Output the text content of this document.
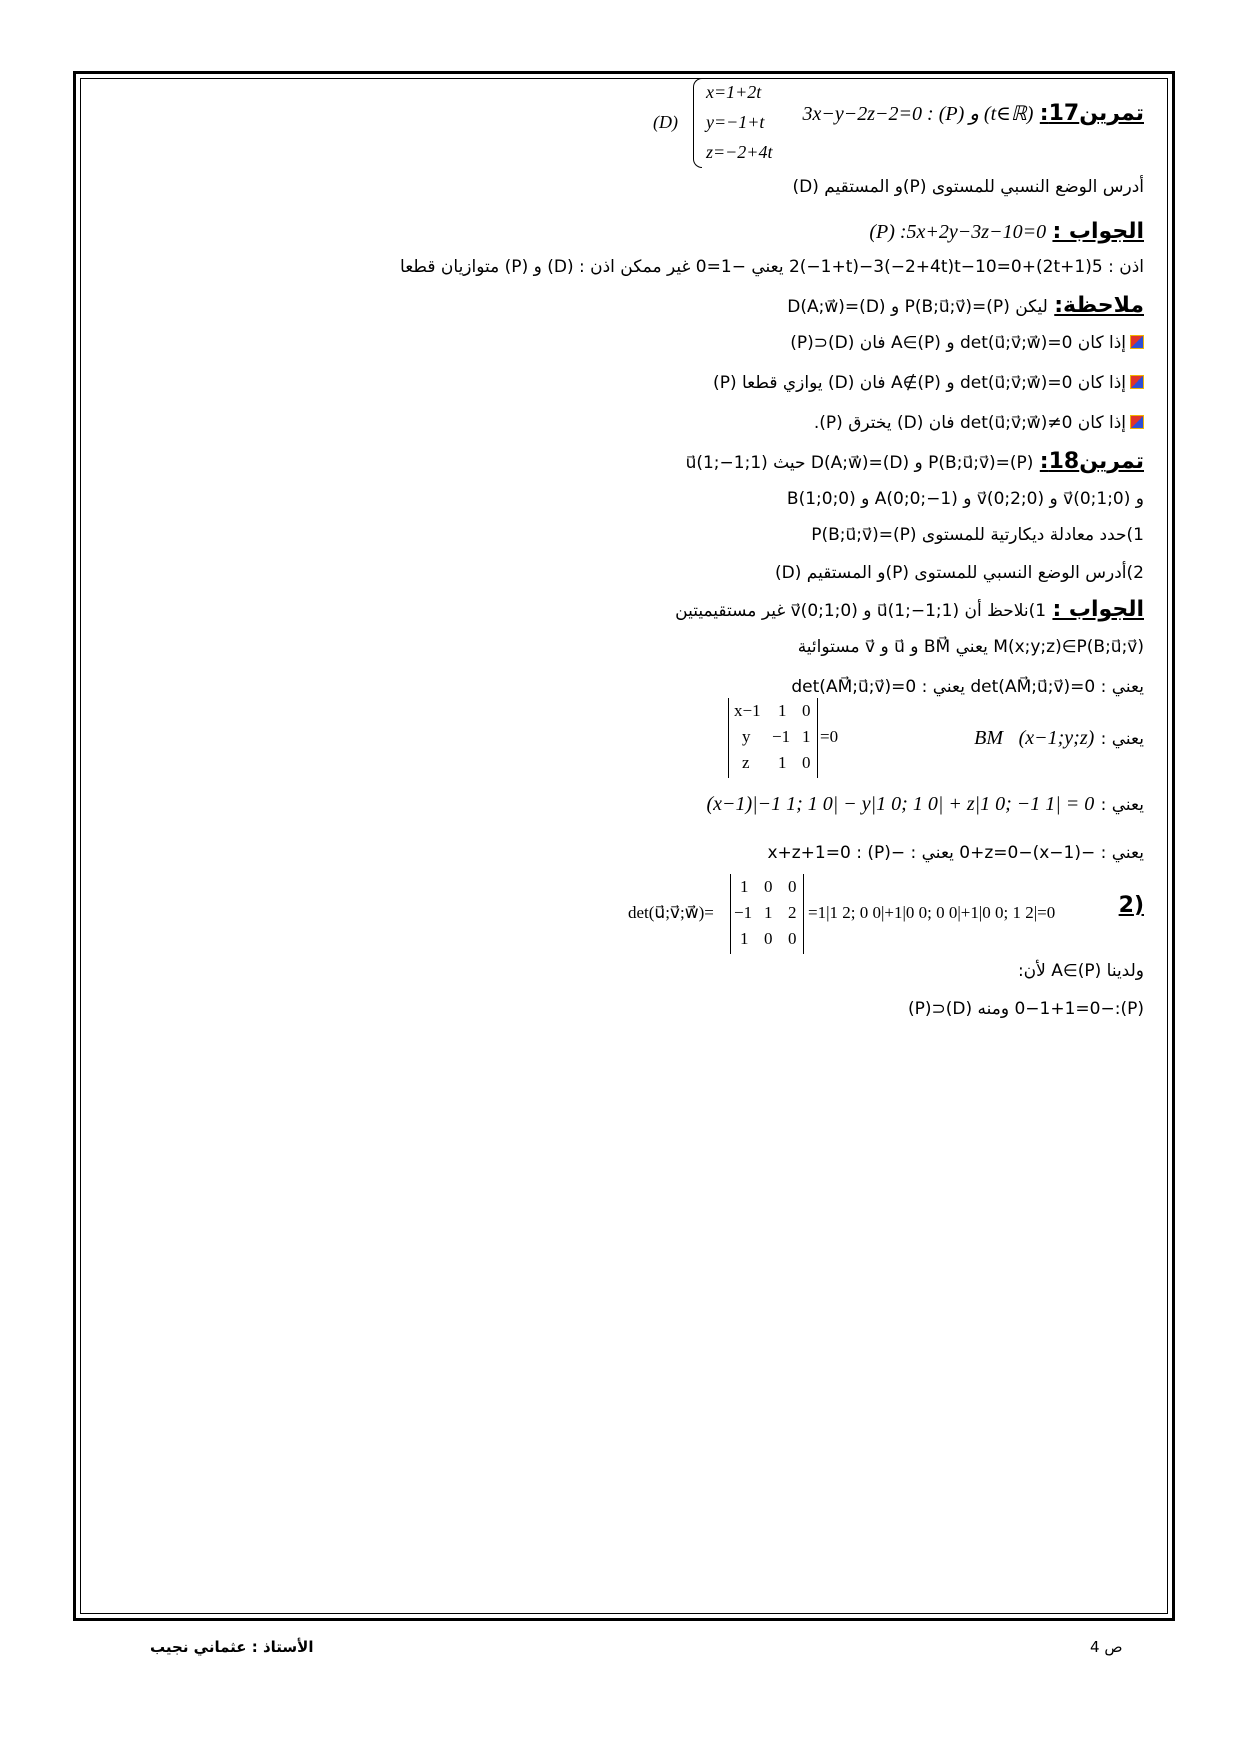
تمرين17: 3x−y−2z−2=0 : (P) و (t∈ℝ)
(D)
x=1+2t
y=−1+t
z=−2+4t
أدرس الوضع النسبي للمستوى (P)و المستقيم (D)
الجواب : (P) :5x+2y−3z−10=0
اذن : 5(1+2t)+2(−1+t)−3(−2+4t)t−10=0 يعني −1=0 غير ممكن اذن : (D) و (P) متوازيان قطعا
ملاحظة: ليكن (P)=P(B;u⃗;v⃗) و (D)=D(A;w⃗)
إذا كان det(u⃗;v⃗;w⃗)=0 و A∈(P) فان (D)⊂(P)
إذا كان det(u⃗;v⃗;w⃗)=0 و A∉(P) فان (D) يوازي قطعا (P)
إذا كان det(u⃗;v⃗;w⃗)≠0 فان (D) يخترق (P).
تمرين18: (P)=P(B;u⃗;v⃗) و (D)=D(A;w⃗) حيث u⃗(1;−1;1)
و v⃗(0;1;0) و v⃗(0;2;0) و A(0;0;−1) و B(1;0;0)
1)حدد معادلة ديكارتية للمستوى (P)=P(B;u⃗;v⃗)
2)أدرس الوضع النسبي للمستوى (P)و المستقيم (D)
الجواب : 1)نلاحظ أن u⃗(1;−1;1) و v⃗(0;1;0) غير مستقيميتين
M(x;y;z)∈P(B;u⃗;v⃗) يعني BM⃗ و u⃗ و v⃗ مستوائية
يعني : det(AM⃗;u⃗;v⃗)=0 يعني : det(AM⃗;u⃗;v⃗)=0
يعني : BM⃗(x−1;y;z)
x−1 1 0
y −1 1
z 1 0
=0
يعني : (x−1)|−1 1; 1 0| − y|1 0; 1 0| + z|1 0; −1 1| = 0
يعني : −(x−1)−0+z=0 يعني : −x+z+1=0 : (P)
(2
det(u⃗;v⃗;w⃗)=
1 0 0
−1 1 2
1 0 0
=1|1 2; 0 0|+1|0 0; 0 0|+1|0 0; 1 2|=0
ولدينا A∈(P) لأن:
(P):−0−1+1=0 ومنه (D)⊂(P)
الأستاذ : عثماني نجيب	ص 4
